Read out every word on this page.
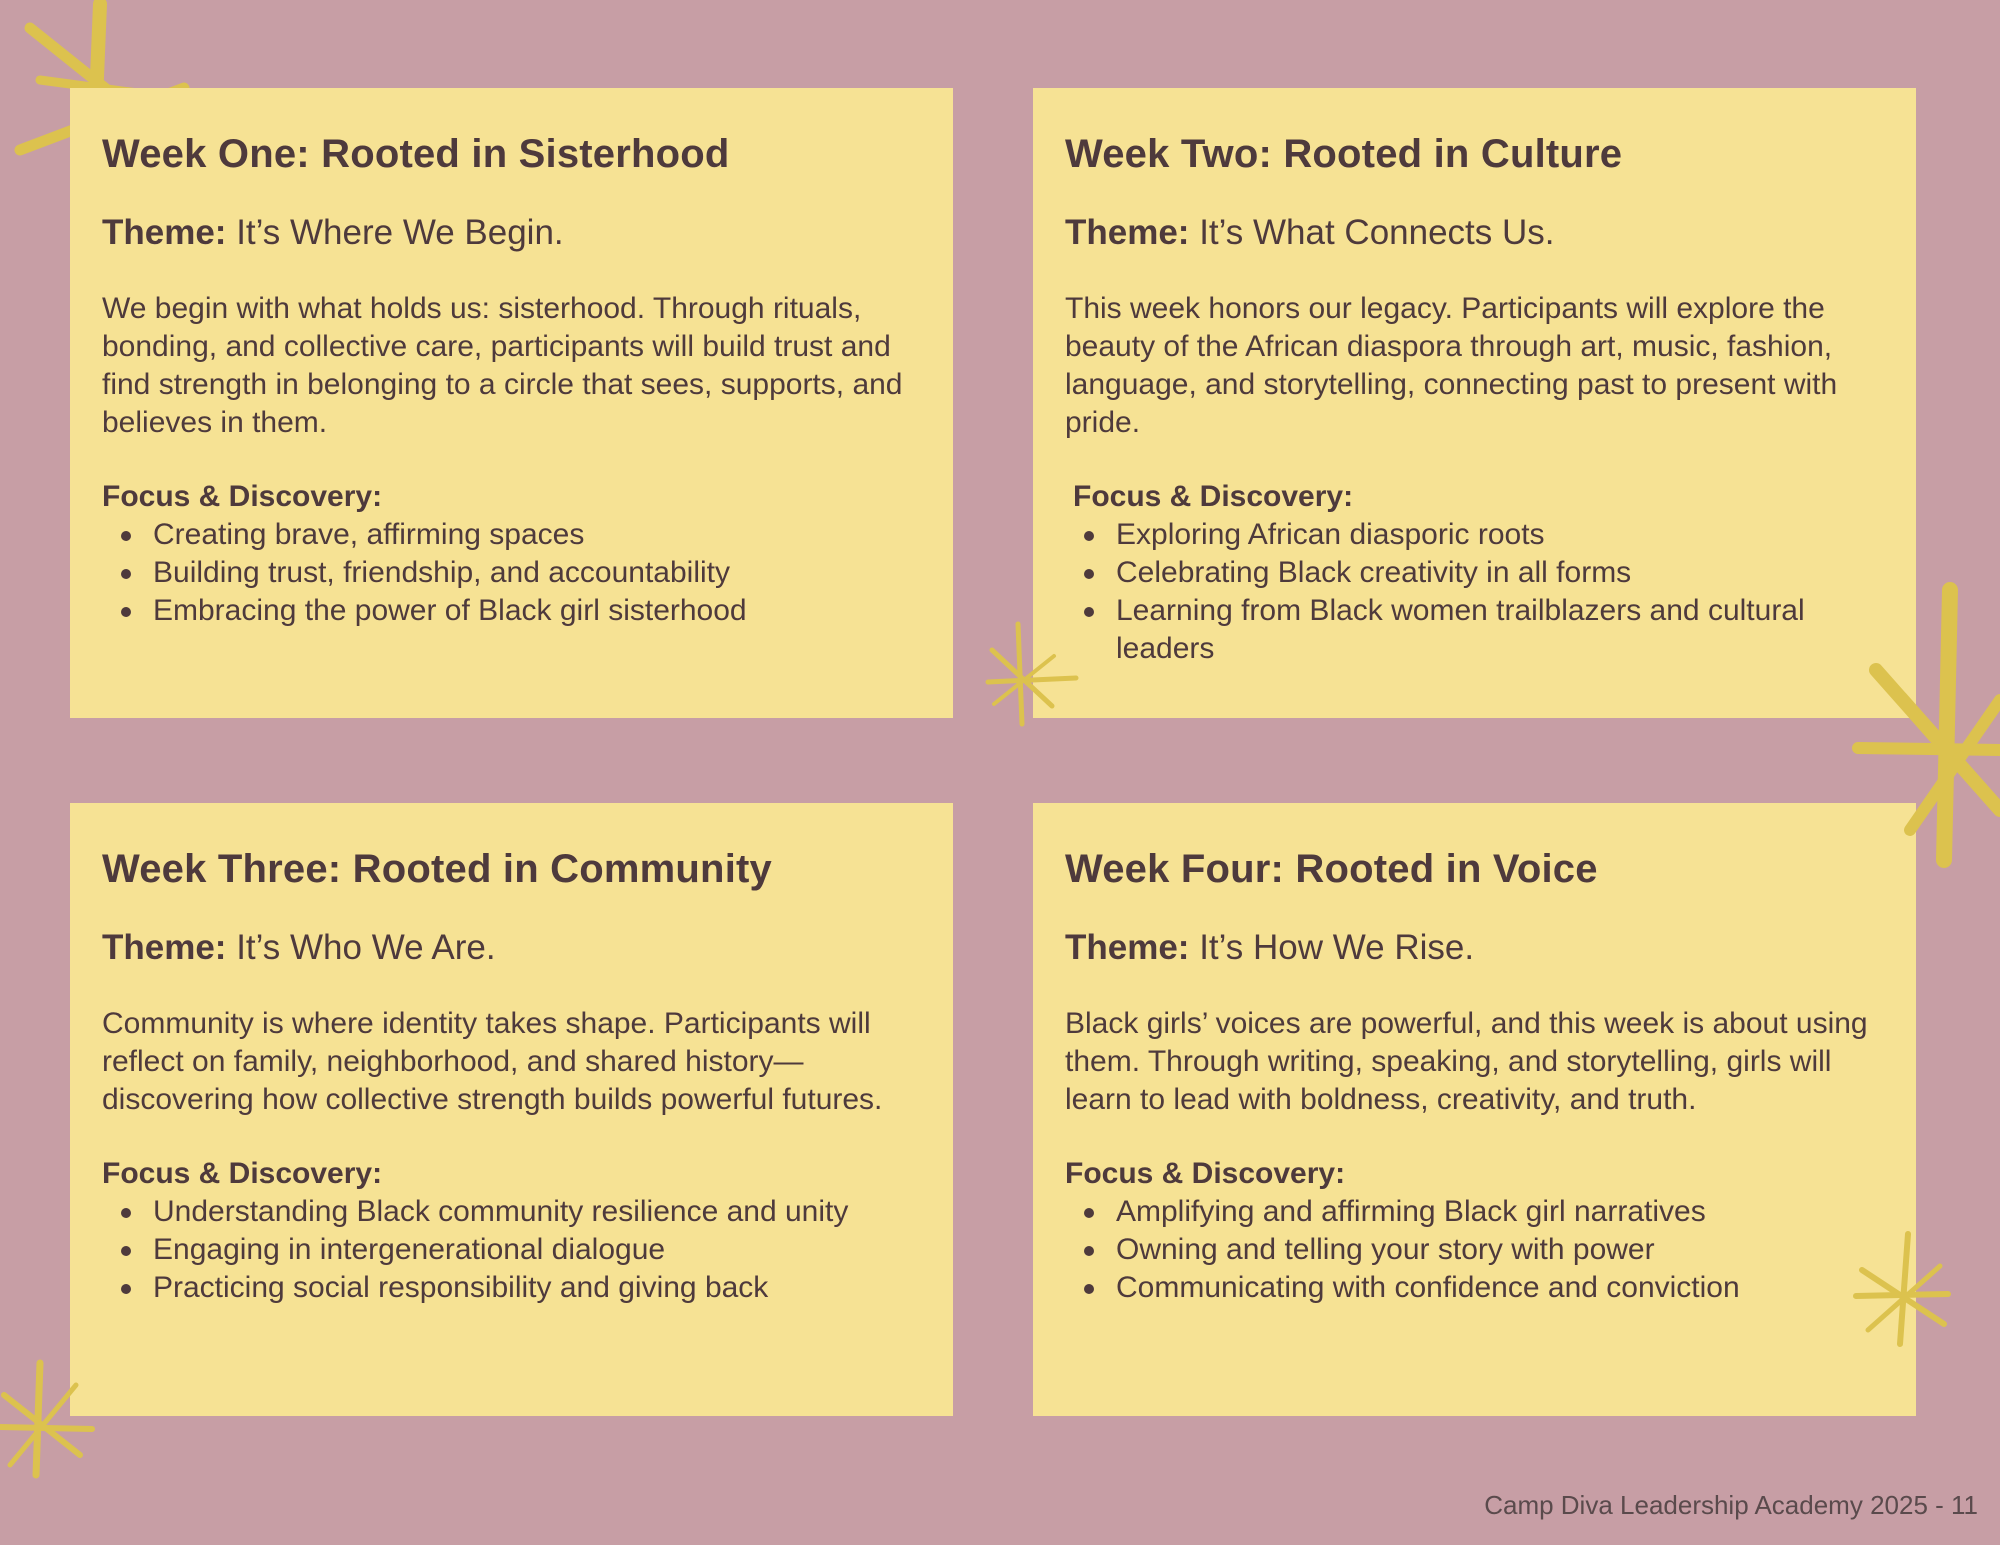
Week One: Rooted in Sisterhood
Theme: It’s Where We Begin.
We begin with what holds us: sisterhood. Through rituals, bonding, and collective care, participants will build trust and find strength in belonging to a circle that sees, supports, and believes in them.
Focus & Discovery:
Creating brave, affirming spaces
Building trust, friendship, and accountability
Embracing the power of Black girl sisterhood
Week Two: Rooted in Culture
Theme: It’s What Connects Us.
This week honors our legacy. Participants will explore the beauty of the African diaspora through art, music, fashion, language, and storytelling, connecting past to present with pride.
Focus & Discovery:
Exploring African diasporic roots
Celebrating Black creativity in all forms
Learning from Black women trailblazers and cultural leaders
Week Three: Rooted in Community
Theme: It’s Who We Are.
Community is where identity takes shape. Participants will reflect on family, neighborhood, and shared history—discovering how collective strength builds powerful futures.
Focus & Discovery:
Understanding Black community resilience and unity
Engaging in intergenerational dialogue
Practicing social responsibility and giving back
Week Four: Rooted in Voice
Theme: It’s How We Rise.
Black girls’ voices are powerful, and this week is about using them. Through writing, speaking, and storytelling, girls will learn to lead with boldness, creativity, and truth.
Focus & Discovery:
Amplifying and affirming Black girl narratives
Owning and telling your story with power
Communicating with confidence and conviction
Camp Diva Leadership Academy 2025 - 11
